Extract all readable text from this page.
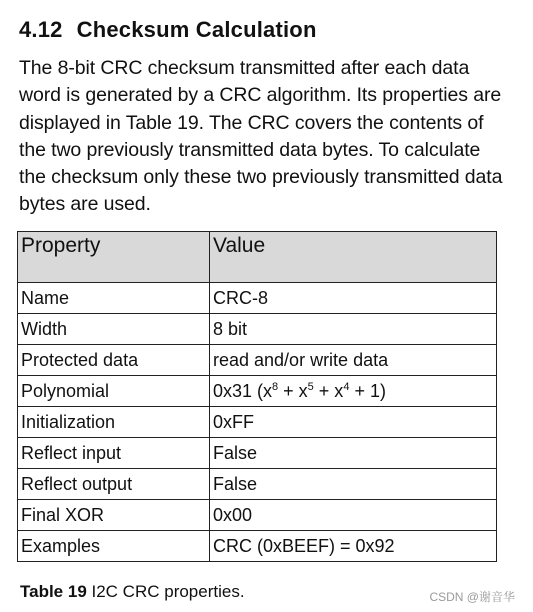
4.12 Checksum Calculation

The 8-bit CRC checksum transmitted after each data word is generated by a CRC algorithm. Its properties are displayed in Table 19. The CRC covers the contents of the two previously transmitted data bytes. To calculate the checksum only these two previously transmitted data bytes are used.

Property	Value
Name	CRC-8
Width	8 bit
Protected data	read and/or write data
Polynomial	0x31 $(x^8 + x^5 + x^4 + 1)$
Initialization	0xFF
Reflect input	False
Reflect output	False
Final XOR	0x00
Examples	CRC (0xBEEF) = 0x92

Table 19 I2C CRC properties.	CSDN @谢音华
